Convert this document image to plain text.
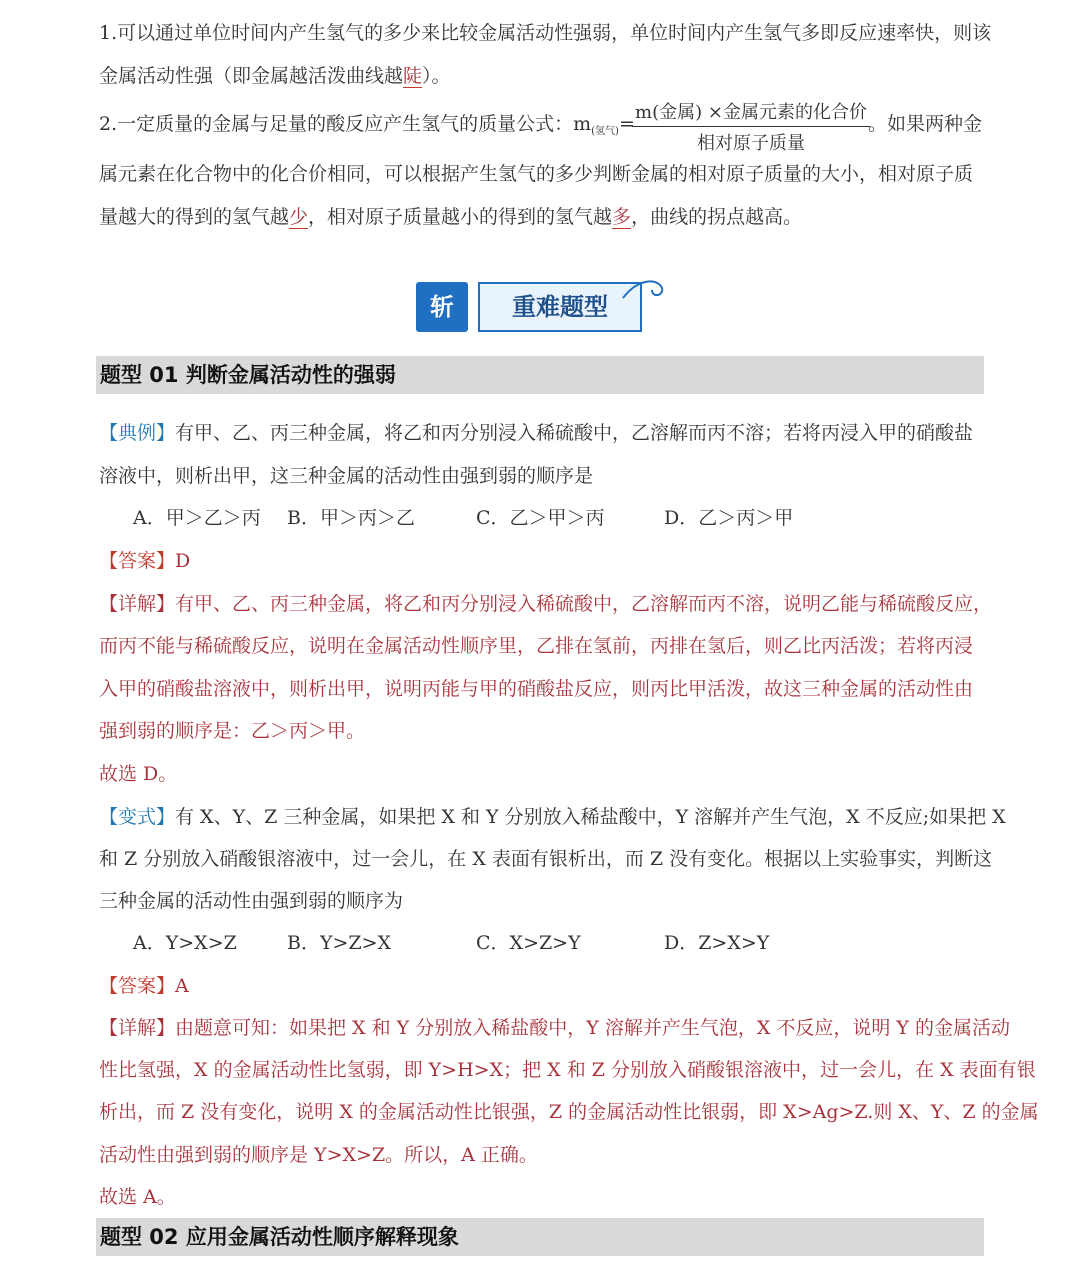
1.可以通过单位时间内产生氢气的多少来比较金属活动性强弱，单位时间内产生氢气多即反应速率快，则该
金属活动性强（即金属越活泼曲线越陡）。
2.一定质量的金属与足量的酸反应产生氢气的质量公式：$m_{(氢气)}=$
m(金属) ×金属元素的化合价
相对原子质量
。如果两种金
属元素在化合物中的化合价相同，可以根据产生氢气的多少判断金属的相对原子质量的大小，相对原子质
量越大的得到的氢气越少，相对原子质量越小的得到的氢气越多，曲线的拐点越高。
斩	重难题型
题型 01 判断金属活动性的强弱
【典例】有甲、乙、丙三种金属，将乙和丙分别浸入稀硫酸中，乙溶解而丙不溶；若将丙浸入甲的硝酸盐
溶液中，则析出甲，这三种金属的活动性由强到弱的顺序是
A．甲＞乙＞丙 B．甲＞丙＞乙	C．乙＞甲＞丙	D．乙＞丙＞甲
【答案】D
【详解】有甲、乙、丙三种金属，将乙和丙分别浸入稀硫酸中，乙溶解而丙不溶，说明乙能与稀硫酸反应，
而丙不能与稀硫酸反应，说明在金属活动性顺序里，乙排在氢前，丙排在氢后，则乙比丙活泼；若将丙浸
入甲的硝酸盐溶液中，则析出甲，说明丙能与甲的硝酸盐反应，则丙比甲活泼，故这三种金属的活动性由
强到弱的顺序是：乙＞丙＞甲。
故选 D。
【变式】有 X、Y、Z 三种金属，如果把 X 和 Y 分别放入稀盐酸中，Y 溶解并产生气泡，X 不反应;如果把 X
和 Z 分别放入硝酸银溶液中，过一会儿，在 X 表面有银析出，而 Z 没有变化。根据以上实验事实，判断这
三种金属的活动性由强到弱的顺序为
A．Y>X>Z	B．Y>Z>X	C．X>Z>Y	D．Z>X>Y
【答案】A
【详解】由题意可知：如果把 X 和 Y 分别放入稀盐酸中，Y 溶解并产生气泡，X 不反应，说明 Y 的金属活动
性比氢强，X 的金属活动性比氢弱，即 Y>H>X；把 X 和 Z 分别放入硝酸银溶液中，过一会儿，在 X 表面有银
析出，而 Z 没有变化，说明 X 的金属活动性比银强，Z 的金属活动性比银弱，即 X>Ag>Z.则 X、Y、Z 的金属
活动性由强到弱的顺序是 Y>X>Z。所以，A 正确。
故选 A。
题型 02 应用金属活动性顺序解释现象
